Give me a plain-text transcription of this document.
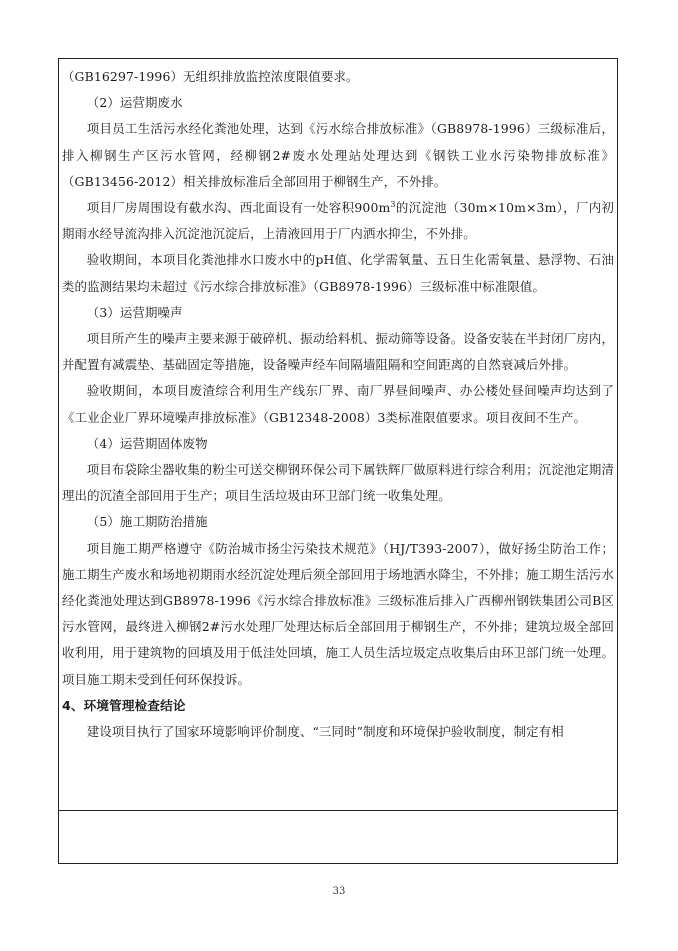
（GB16297-1996）无组织排放监控浓度限值要求。

（2）运营期废水

项目员工生活污水经化粪池处理，达到《污水综合排放标准》（GB8978-1996）三级标准后，排入柳钢生产区污水管网，经柳钢2#废水处理站处理达到《钢铁工业水污染物排放标准》（GB13456-2012）相关排放标准后全部回用于柳钢生产，不外排。

项目厂房周围设有截水沟、西北面设有一处容积$900m^3$的沉淀池（30m×10m×3m），厂内初期雨水经导流沟排入沉淀池沉淀后，上清液回用于厂内洒水抑尘，不外排。

验收期间，本项目化粪池排水口废水中的pH值、化学需氧量、五日生化需氧量、悬浮物、石油类的监测结果均未超过《污水综合排放标准》（GB8978-1996）三级标准中标准限值。

（3）运营期噪声

项目所产生的噪声主要来源于破碎机、振动给料机、振动筛等设备。设备安装在半封闭厂房内，并配置有减震垫、基础固定等措施，设备噪声经车间隔墙阻隔和空间距离的自然衰减后外排。

验收期间，本项目废渣综合利用生产线东厂界、南厂界昼间噪声、办公楼处昼间噪声均达到了《工业企业厂界环境噪声排放标准》（GB12348-2008）3类标准限值要求。项目夜间不生产。

（4）运营期固体废物

项目布袋除尘器收集的粉尘可送交柳钢环保公司下属铁辉厂做原料进行综合利用；沉淀池定期清理出的沉渣全部回用于生产；项目生活垃圾由环卫部门统一收集处理。

（5）施工期防治措施

项目施工期严格遵守《防治城市扬尘污染技术规范》（HJ/T393-2007），做好扬尘防治工作；施工期生产废水和场地初期雨水经沉淀处理后须全部回用于场地洒水降尘，不外排；施工期生活污水经化粪池处理达到GB8978-1996《污水综合排放标准》三级标准后排入广西柳州钢铁集团公司B区污水管网，最终进入柳钢2#污水处理厂处理达标后全部回用于柳钢生产，不外排；建筑垃圾全部回收利用，用于建筑物的回填及用于低洼处回填，施工人员生活垃圾定点收集后由环卫部门统一处理。项目施工期未受到任何环保投诉。

4、环境管理检查结论

建设项目执行了国家环境影响评价制度、“三同时”制度和环境保护验收制度，制定有相

33
